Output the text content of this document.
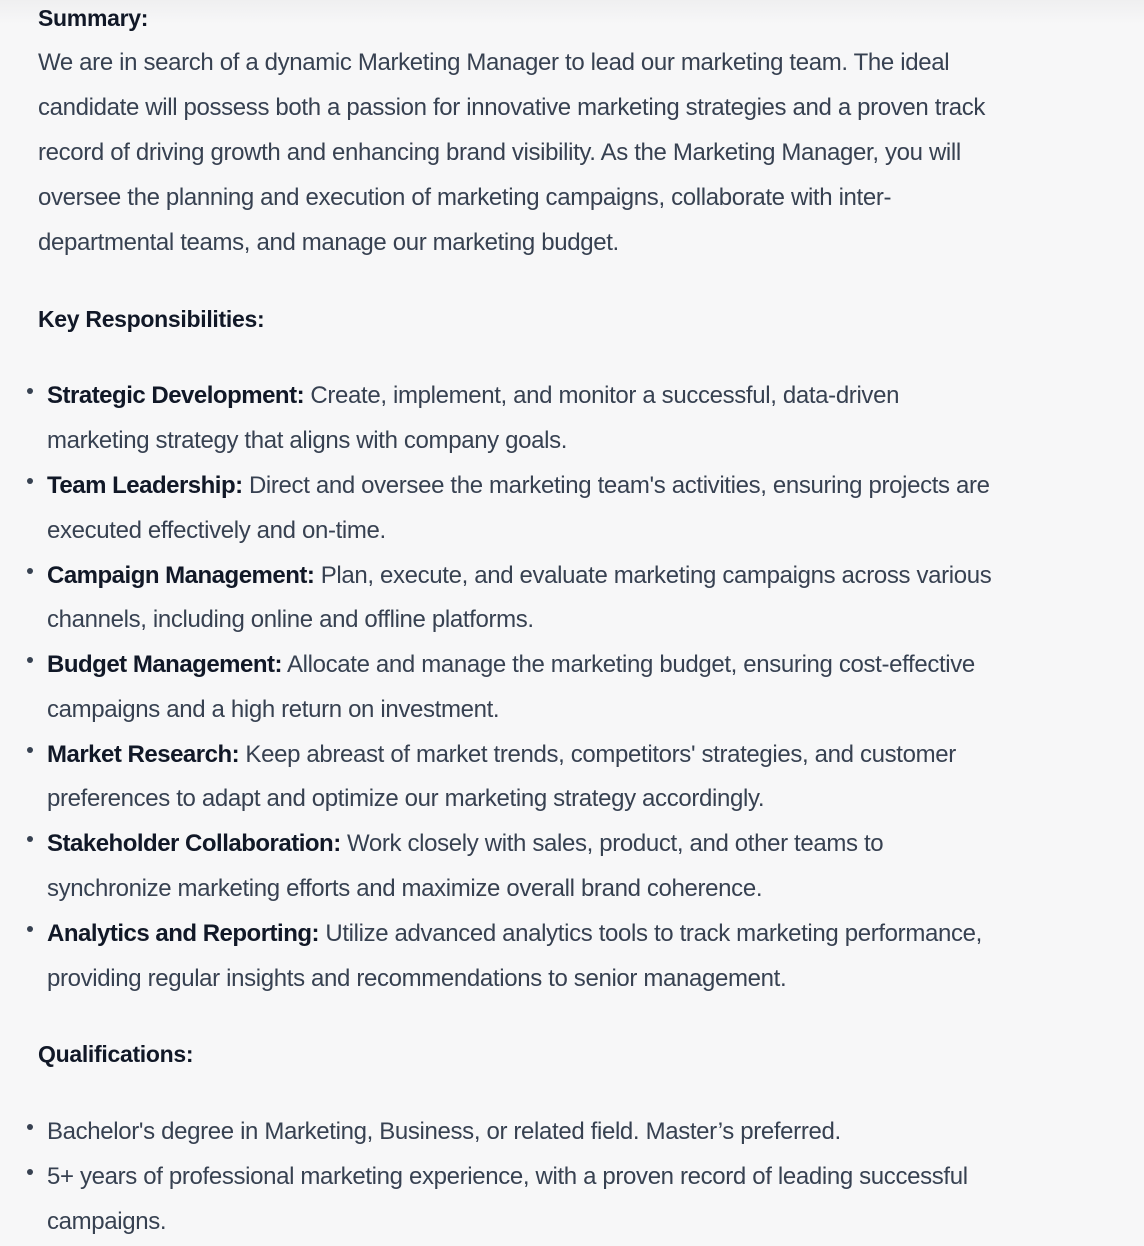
Summary:
We are in search of a dynamic Marketing Manager to lead our marketing team. The ideal
candidate will possess both a passion for innovative marketing strategies and a proven track
record of driving growth and enhancing brand visibility. As the Marketing Manager, you will
oversee the planning and execution of marketing campaigns, collaborate with inter-
departmental teams, and manage our marketing budget.
Key Responsibilities:
Strategic Development: Create, implement, and monitor a successful, data-driven
marketing strategy that aligns with company goals.
Team Leadership: Direct and oversee the marketing team's activities, ensuring projects are
executed effectively and on-time.
Campaign Management: Plan, execute, and evaluate marketing campaigns across various
channels, including online and offline platforms.
Budget Management: Allocate and manage the marketing budget, ensuring cost-effective
campaigns and a high return on investment.
Market Research: Keep abreast of market trends, competitors' strategies, and customer
preferences to adapt and optimize our marketing strategy accordingly.
Stakeholder Collaboration: Work closely with sales, product, and other teams to
synchronize marketing efforts and maximize overall brand coherence.
Analytics and Reporting: Utilize advanced analytics tools to track marketing performance,
providing regular insights and recommendations to senior management.
Qualifications:
Bachelor's degree in Marketing, Business, or related field. Master’s preferred.
5+ years of professional marketing experience, with a proven record of leading successful
campaigns.
